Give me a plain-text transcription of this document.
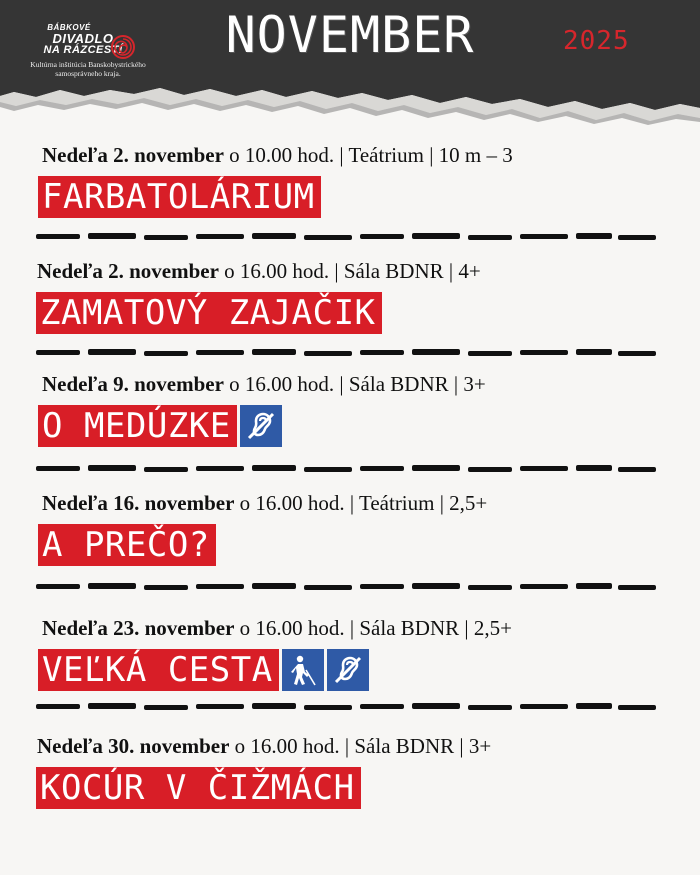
BÁBKOVÉ
DIVADLO
NA RÁZCESTÍ
Kultúrna inštitúcia Banskobystrického
samosprávneho kraja.
NOVEMBER	2025
Nedeľa 2. november o 10.00 hod. | Teátrium | 10 m – 3
FARBATOLÁRIUM
Nedeľa 2. november o 16.00 hod. | Sála BDNR | 4+
ZAMATOVÝ ZAJAČIK
Nedeľa 9. november o 16.00 hod. | Sála BDNR | 3+
O MEDÚZKE
Nedeľa 16. november o 16.00 hod. | Teátrium | 2,5+
A PREČO?
Nedeľa 23. november o 16.00 hod. | Sála BDNR | 2,5+
VEĽKÁ CESTA
Nedeľa 30. november o 16.00 hod. | Sála BDNR | 3+
KOCÚR V ČIŽMÁCH
